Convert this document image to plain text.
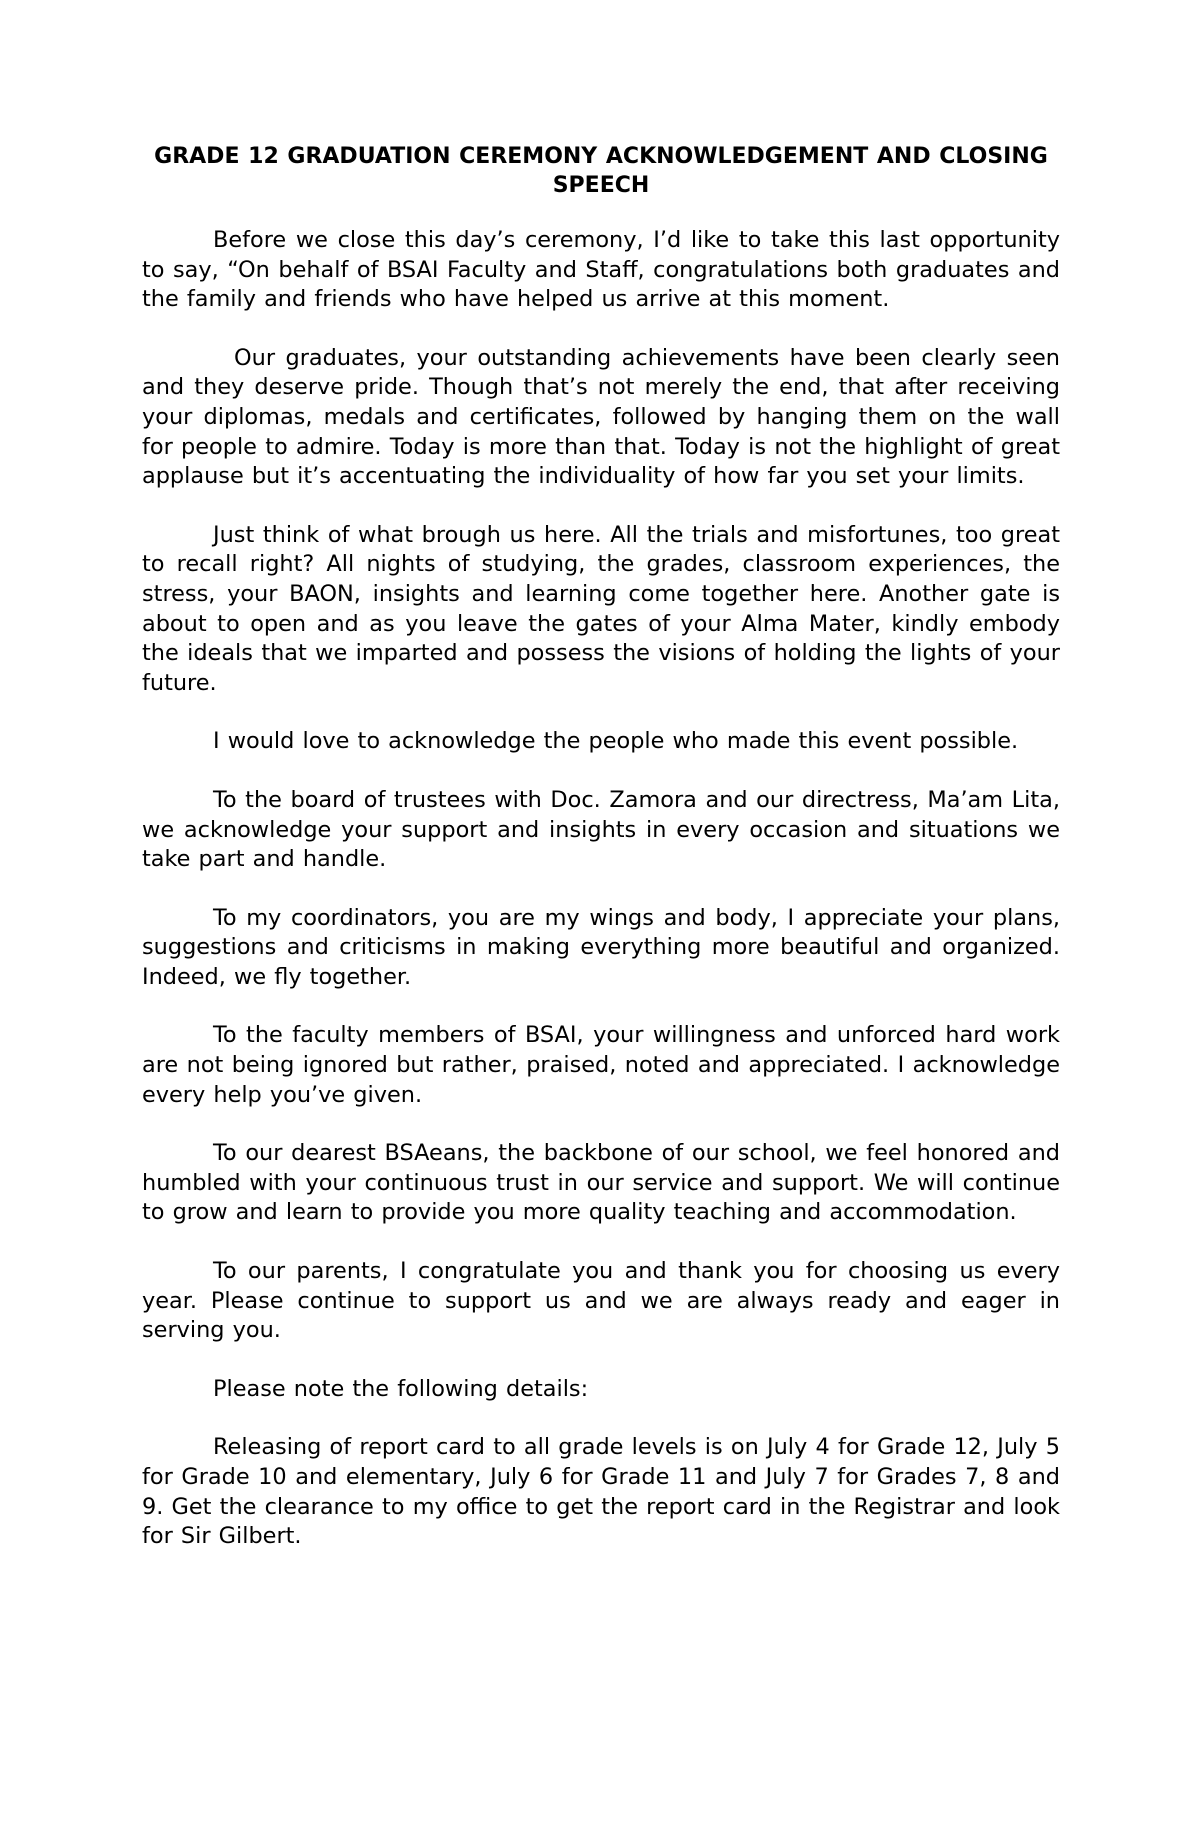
GRADE 12 GRADUATION CEREMONY ACKNOWLEDGEMENT AND CLOSING SPEECH

Before we close this day’s ceremony, I’d like to take this last opportunity to say, “On behalf of BSAI Faculty and Staff, congratulations both graduates and the family and friends who have helped us arrive at this moment.

Our graduates, your outstanding achievements have been clearly seen and they deserve pride. Though that’s not merely the end, that after receiving your diplomas, medals and certificates, followed by hanging them on the wall for people to admire. Today is more than that. Today is not the highlight of great applause but it’s accentuating the individuality of how far you set your limits.

Just think of what brough us here. All the trials and misfortunes, too great to recall right? All nights of studying, the grades, classroom experiences, the stress, your BAON, insights and learning come together here. Another gate is about to open and as you leave the gates of your Alma Mater, kindly embody the ideals that we imparted and possess the visions of holding the lights of your future.

I would love to acknowledge the people who made this event possible.

To the board of trustees with Doc. Zamora and our directress, Ma’am Lita, we acknowledge your support and insights in every occasion and situations we take part and handle.

To my coordinators, you are my wings and body, I appreciate your plans, suggestions and criticisms in making everything more beautiful and organized. Indeed, we fly together.

To the faculty members of BSAI, your willingness and unforced hard work are not being ignored but rather, praised, noted and appreciated. I acknowledge every help you’ve given.

To our dearest BSAeans, the backbone of our school, we feel honored and humbled with your continuous trust in our service and support. We will continue to grow and learn to provide you more quality teaching and accommodation.

To our parents, I congratulate you and thank you for choosing us every year. Please continue to support us and we are always ready and eager in serving you.

Please note the following details:

Releasing of report card to all grade levels is on July 4 for Grade 12, July 5 for Grade 10 and elementary, July 6 for Grade 11 and July 7 for Grades 7, 8 and 9. Get the clearance to my office to get the report card in the Registrar and look for Sir Gilbert.
